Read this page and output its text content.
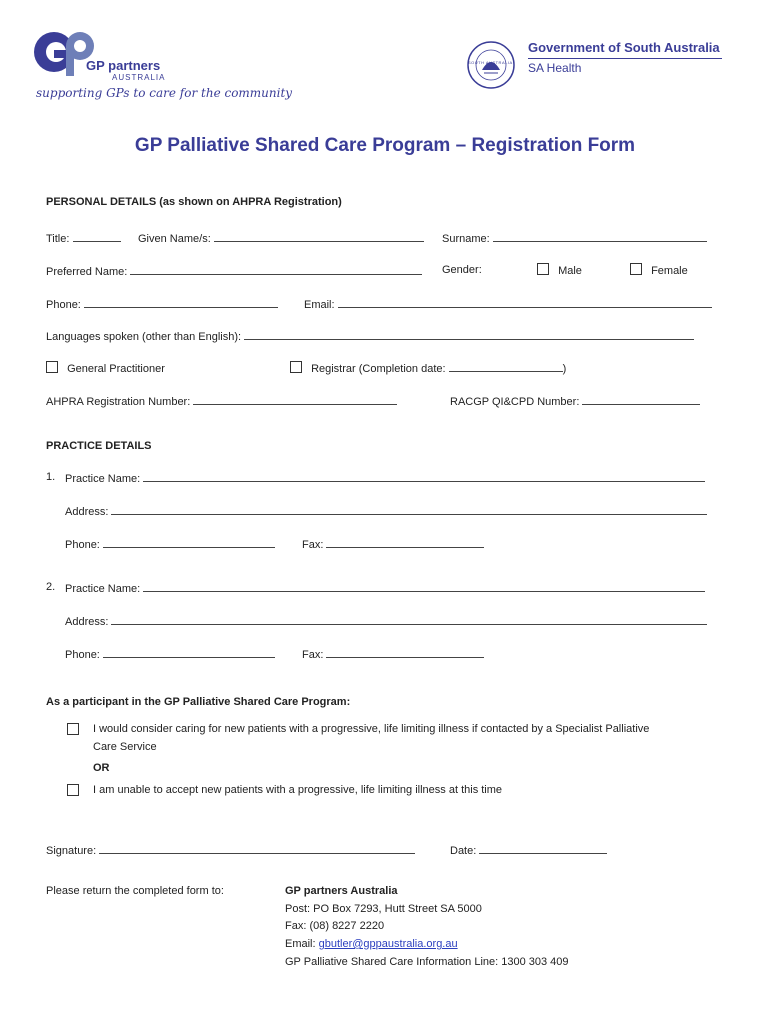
GP partners
AUSTRALIA
supporting GPs to care for the community
SOUTH AUSTRALIA
Government of South Australia
SA Health
GP Palliative Shared Care Program – Registration Form
PERSONAL DETAILS (as shown on AHPRA Registration)
Title:	Given Name/s:	Surname:
Preferred Name:	Gender:	Male	Female
Phone:	Email:
Languages spoken (other than English):
General Practitioner	Registrar (Completion date:	)
AHPRA Registration Number:	RACGP QI&CPD Number:
PRACTICE DETAILS
1. Practice Name:
Address:
Phone:	Fax:
2. Practice Name:
Address:
Phone:	Fax:
As a participant in the GP Palliative Shared Care Program:
I would consider caring for new patients with a progressive, life limiting illness if contacted by a Specialist Palliative
Care Service
OR
I am unable to accept new patients with a progressive, life limiting illness at this time
Signature:	Date:
Please return the completed form to:	GP partners Australia
Post: PO Box 7293, Hutt Street SA 5000
Fax: (08) 8227 2220
Email: gbutler@gppaustralia.org.au
GP Palliative Shared Care Information Line: 1300 303 409
